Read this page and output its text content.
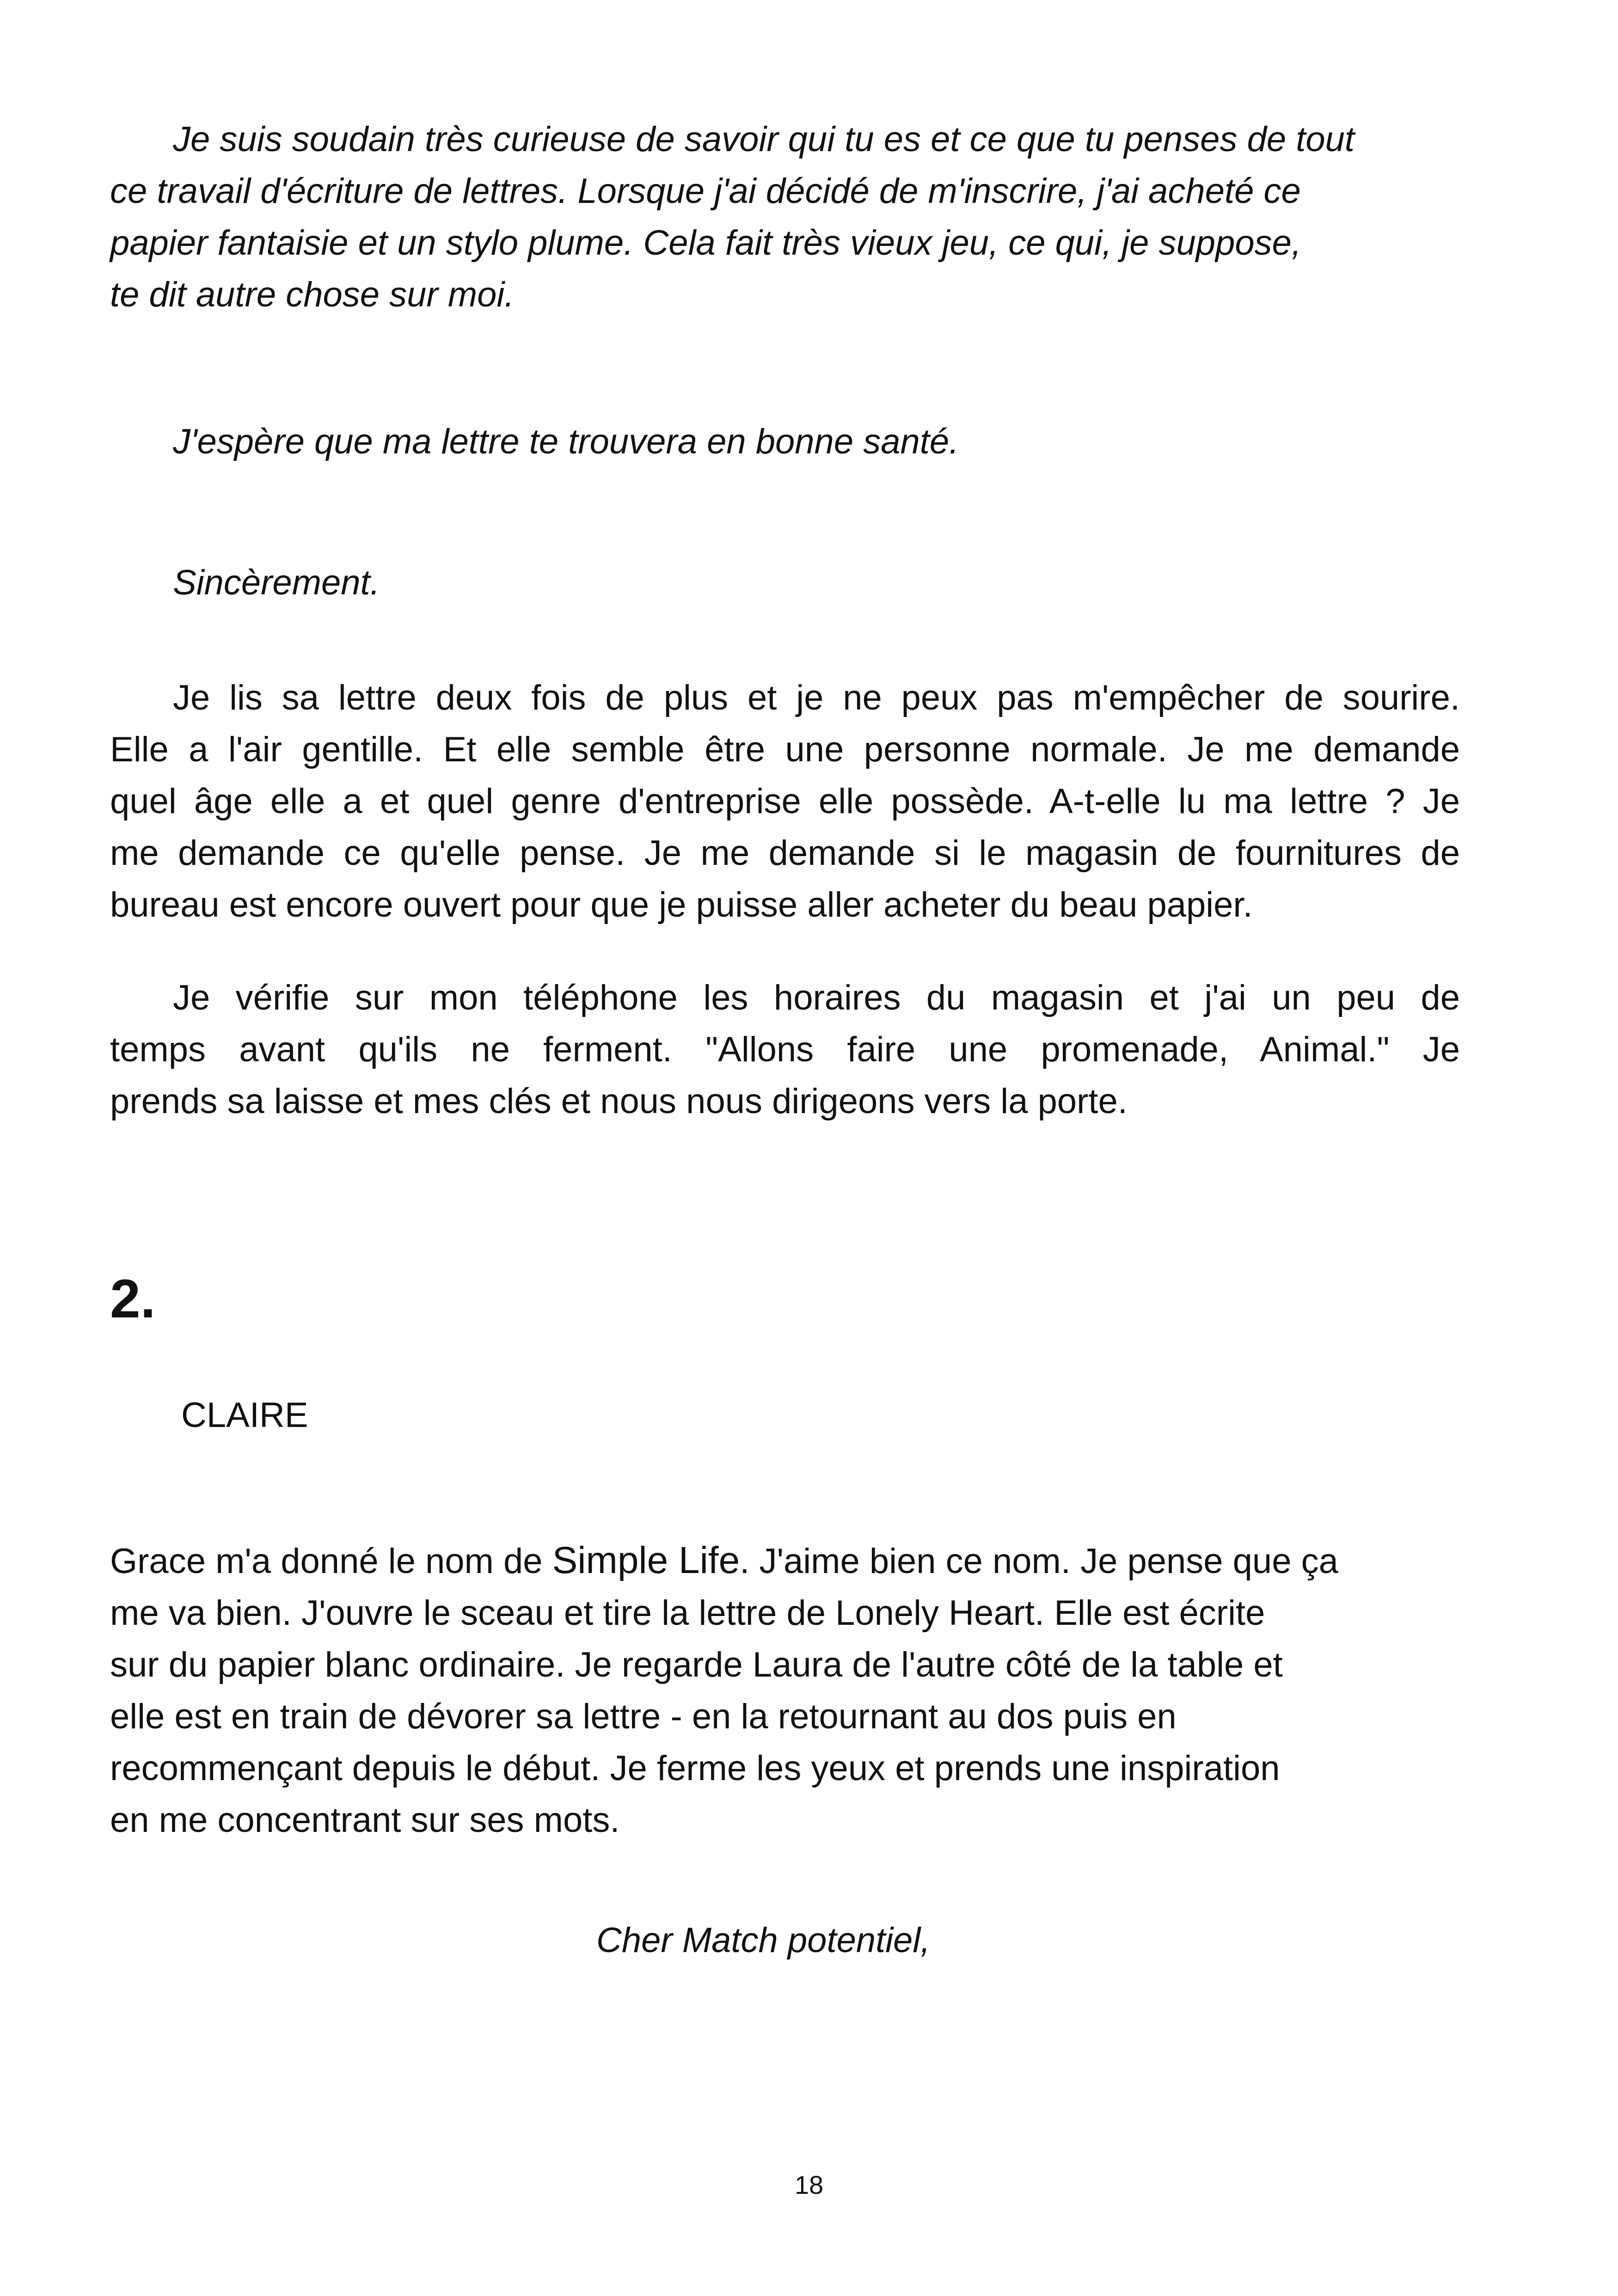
Je suis soudain très curieuse de savoir qui tu es et ce que tu penses de tout
ce travail d'écriture de lettres. Lorsque j'ai décidé de m'inscrire, j'ai acheté ce
papier fantaisie et un stylo plume. Cela fait très vieux jeu, ce qui, je suppose,
te dit autre chose sur moi.

J'espère que ma lettre te trouvera en bonne santé.

Sincèrement.

Je lis sa lettre deux fois de plus et je ne peux pas m'empêcher de sourire.
Elle a l'air gentille. Et elle semble être une personne normale. Je me demande
quel âge elle a et quel genre d'entreprise elle possède. A-t-elle lu ma lettre ? Je
me demande ce qu'elle pense. Je me demande si le magasin de fournitures de
bureau est encore ouvert pour que je puisse aller acheter du beau papier.
Je vérifie sur mon téléphone les horaires du magasin et j'ai un peu de
temps avant qu'ils ne ferment. "Allons faire une promenade, Animal." Je
prends sa laisse et mes clés et nous nous dirigeons vers la porte.
2.

CLAIRE

Grace m'a donné le nom de Simple Life. J'aime bien ce nom. Je pense que ça
me va bien. J'ouvre le sceau et tire la lettre de Lonely Heart. Elle est écrite
sur du papier blanc ordinaire. Je regarde Laura de l'autre côté de la table et
elle est en train de dévorer sa lettre - en la retournant au dos puis en
recommençant depuis le début. Je ferme les yeux et prends une inspiration
en me concentrant sur ses mots.

Cher Match potentiel,

18
